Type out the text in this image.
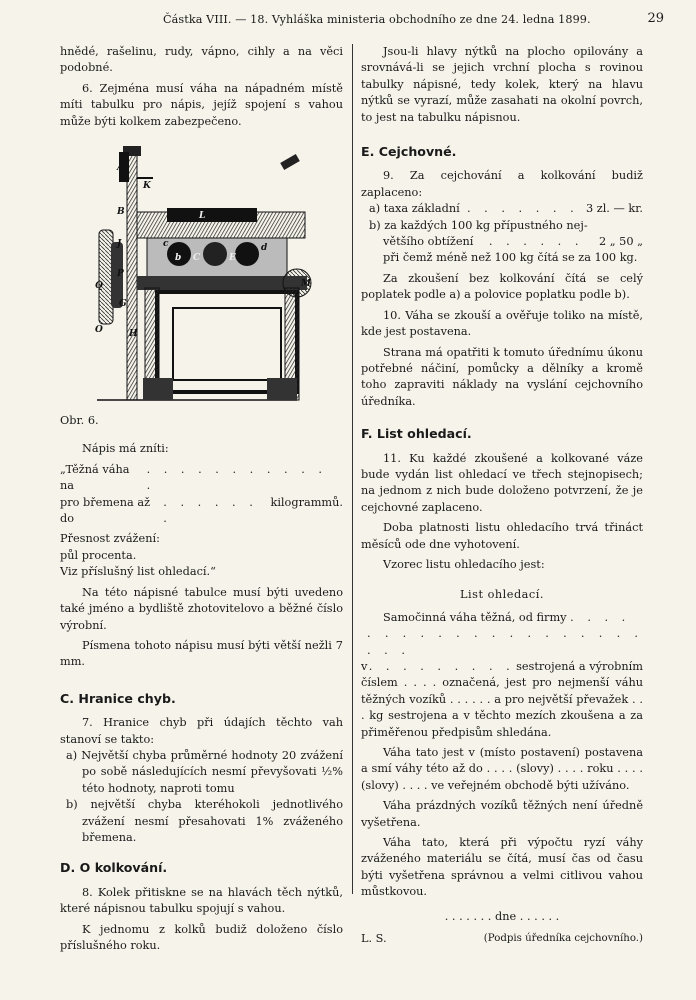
Částka VIII. — 18. Vyhláška ministeria obchodního ze dne 24. ledna 1899.	29

hnědé, rašelinu, rudy, vápno, cihly a na věci podobné.

6. Zejména musí váha na nápadném místě míti tabulku pro nápis, jejíž spojení s vahou může býti kolkem zabezpečeno.

A
K
B
J
P
Q
G
O	H
L
C
b	E
M
c	d

Obr. 6.

Nápis má zníti:

„Těžná váha na
. . . . . . . . . . . .
pro břemena až do
. . . . . . .
kilogrammů.

Přesnost zvážení:

půl procenta.

Viz příslušný list ohledací.“

Na této nápisné tabulce musí býti uvedeno také jméno a bydliště zhotovitelovo a běžné číslo výrobní.

Písmena tohoto nápisu musí býti větší nežli 7 mm.

C. Hranice chyb.

7. Hranice chyb při údajích těchto vah stanoví se takto:

a) Největší chyba průměrné hodnoty 20 zvážení po sobě následujících nesmí převyšovati ½% této hodnoty, naproti tomu

b) největší chyba kteréhokoli jednotlivého zvážení nesmí přesahovati 1% zváženého břemena.

D. O kolkování.

8. Kolek přitiskne se na hlavách těch nýtků, které nápisnou tabulku spojují s vahou.

K jednomu z kolků budiž doloženo číslo příslušného roku.

Jsou-li hlavy nýtků na plocho opilovány a srovnává-li se jejich vrchní plocha s rovinou tabulky nápisné, tedy kolek, který na hlavu nýtků se vyrazí, může zasahati na okolní povrch, to jest na tabulku nápisnou.

E. Cejchovné.

9. Za cejchování a kolkování budiž zaplaceno:

a) taxa základní . . . . . . . 3 zl. — kr.

b) za každých 100 kg přípustného nej-

většího obtížení . . . . . . 2 „ 50 „

při čemž méně než 100 kg čítá se za 100 kg.

Za zkoušení bez kolkování čítá se celý poplatek podle a) a polovice poplatku podle b).

10. Váha se zkouší a ověřuje toliko na místě, kde jest postavena.

Strana má opatřiti k tomuto úřednímu úkonu potřebné náčiní, pomůcky a dělníky a kromě toho zapraviti náklady na vyslání cejchovního úředníka.

F. List ohledací.

11. Ku každé zkoušené a kolkované váze bude vydán list ohledací ve třech stejnopisech; na jednom z nich bude doloženo potvrzení, že je cejchovné zaplaceno.

Doba platnosti listu ohledacího trvá třináct měsíců ode dne vyhotovení.

Vzorec listu ohledacího jest:

List ohledací.

Samočinná váha těžná, od firmy . . . .

. . . . . . . . . . . . . . . . . . .

v . . . . . . . . . sestrojená a výrobním

číslem . . . . označená, jest pro nejmenší váhu těžných vozíků . . . . . . a pro největší převažek . . . kg sestrojena a v těchto mezích zkoušena a za přiměřenou předpisům shledána.

Váha tato jest v (místo postavení) postavena a smí váhy této až do . . . . (slovy) . . . . roku . . . . (slovy) . . . . ve veřejném obchodě býti užíváno.

Váha prázdných vozíků těžných není úředně vyšetřena.

Váha tato, která při výpočtu ryzí váhy zváženého materiálu se čítá, musí čas od času býti vyšetřena správnou a velmi citlivou vahou můstkovou.

. . . . . . . dne . . . . . .

L. S.	(Podpis úředníka cejchovního.)
